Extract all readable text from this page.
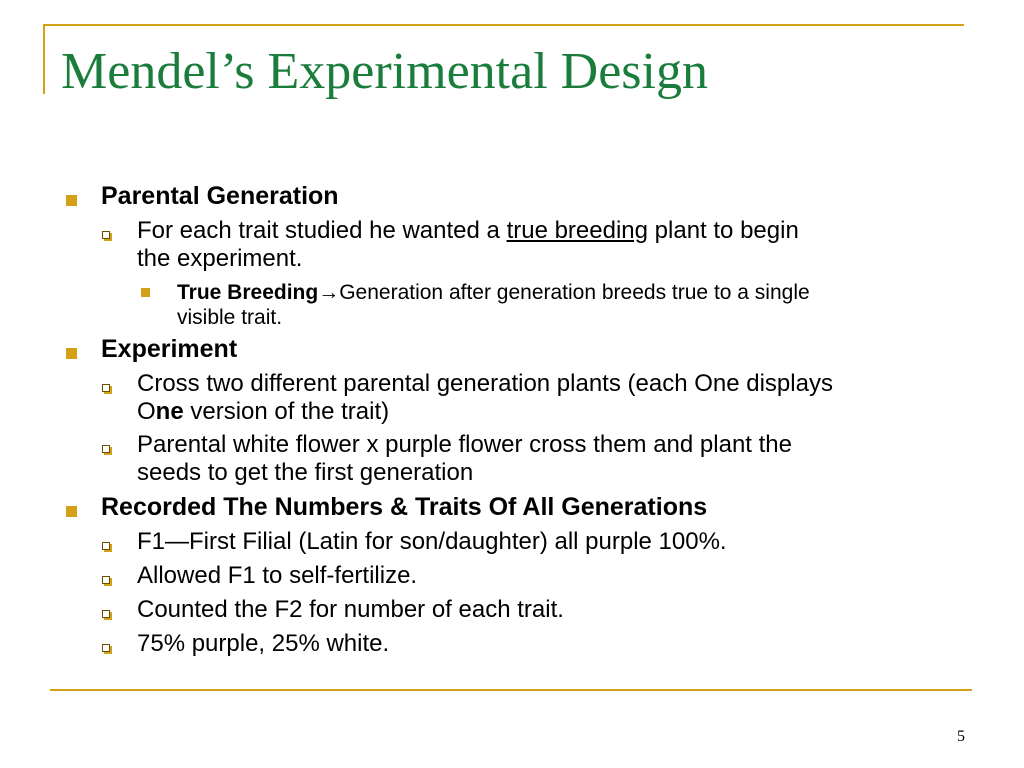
Mendel’s Experimental Design
Parental Generation
For each trait studied he wanted a true breeding plant to begin
the experiment.
True Breeding→Generation after generation breeds true to a single
visible trait.
Experiment
Cross two different parental generation plants (each One displays
One version of the trait)
Parental white flower x purple flower cross them and plant the
seeds to get the first generation
Recorded The Numbers & Traits Of All Generations
F1—First Filial (Latin for son/daughter) all purple 100%.
Allowed F1 to self-fertilize.
Counted the F2 for number of each trait.
75% purple, 25% white.
5
